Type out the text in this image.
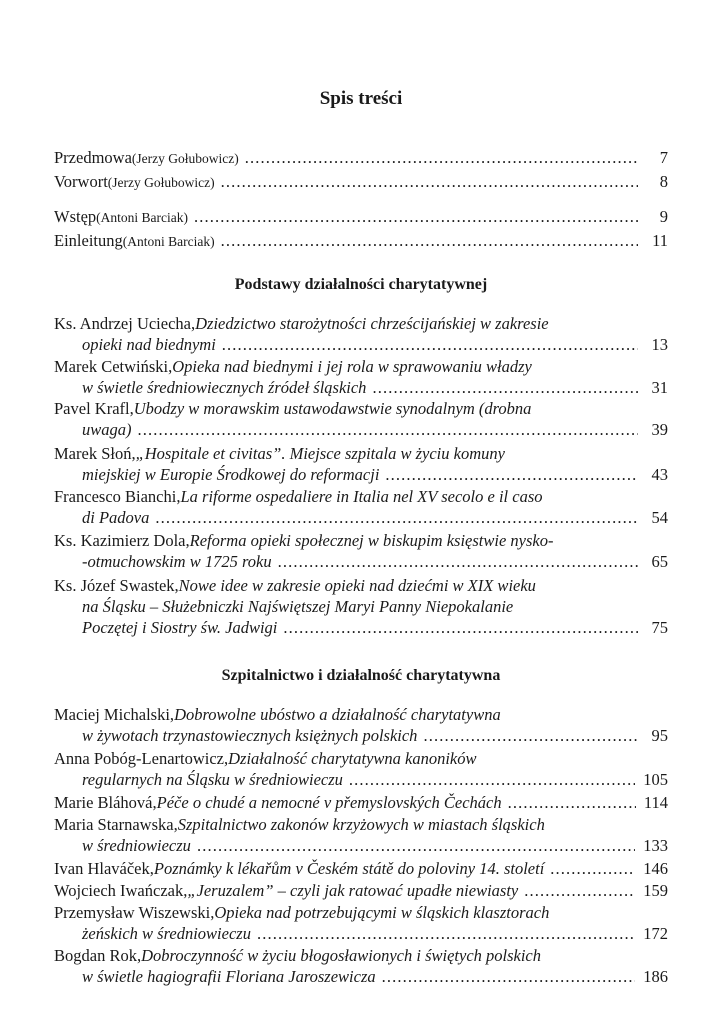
Spis treści
Przedmowa (Jerzy Gołubowicz) . . .	7
Vorwort (Jerzy Gołubowicz) . . .	8
Wstęp (Antoni Barciak) . . .	9
Einleitung (Antoni Barciak) . . .	11
Podstawy działalności charytatywnej
Ks. Andrzej Uciecha, Dziedzictwo starożytności chrześcijańskiej w zakresie
opieki nad biednymi . . .	13
Marek Cetwiński, Opieka nad biednymi i jej rola w sprawowaniu władzy
w świetle średniowiecznych źródeł śląskich . . .	31
Pavel Krafl, Ubodzy w morawskim ustawodawstwie synodalnym (drobna
uwaga) . . .	39
Marek Słoń, „Hospitale et civitas”. Miejsce szpitala w życiu komuny
miejskiej w Europie Środkowej do reformacji . . .	43
Francesco Bianchi, La riforme ospedaliere in Italia nel XV secolo e il caso
di Padova . . .	54
Ks. Kazimierz Dola, Reforma opieki społecznej w biskupim księstwie nysko-
-otmuchowskim w 1725 roku . . .	65
Ks. Józef Swastek, Nowe idee w zakresie opieki nad dziećmi w XIX wieku
na Śląsku – Służebniczki Najświętszej Maryi Panny Niepokalanie
Poczętej i Siostry św. Jadwigi . . .	75
Szpitalnictwo i działalność charytatywna
Maciej Michalski, Dobrowolne ubóstwo a działalność charytatywna
w żywotach trzynastowiecznych księżnych polskich . . .	95
Anna Pobóg-Lenartowicz, Działalność charytatywna kanoników
regularnych na Śląsku w średniowieczu . . .	105
Marie Bláhová, Péče o chudé a nemocné v přemyslovských Čechách . . .	114
Maria Starnawska, Szpitalnictwo zakonów krzyżowych w miastach śląskich
w średniowieczu . . .	133
Ivan Hlaváček, Poznámky k lékařům v Českém státě do poloviny 14. století . . .	146
Wojciech Iwańczak, „Jeruzalem” – czyli jak ratować upadłe niewiasty . . .	159
Przemysław Wiszewski, Opieka nad potrzebującymi w śląskich klasztorach
żeńskich w średniowieczu . . .	172
Bogdan Rok, Dobroczynność w życiu błogosławionych i świętych polskich
w świetle hagiografii Floriana Jaroszewicza . . .	186
